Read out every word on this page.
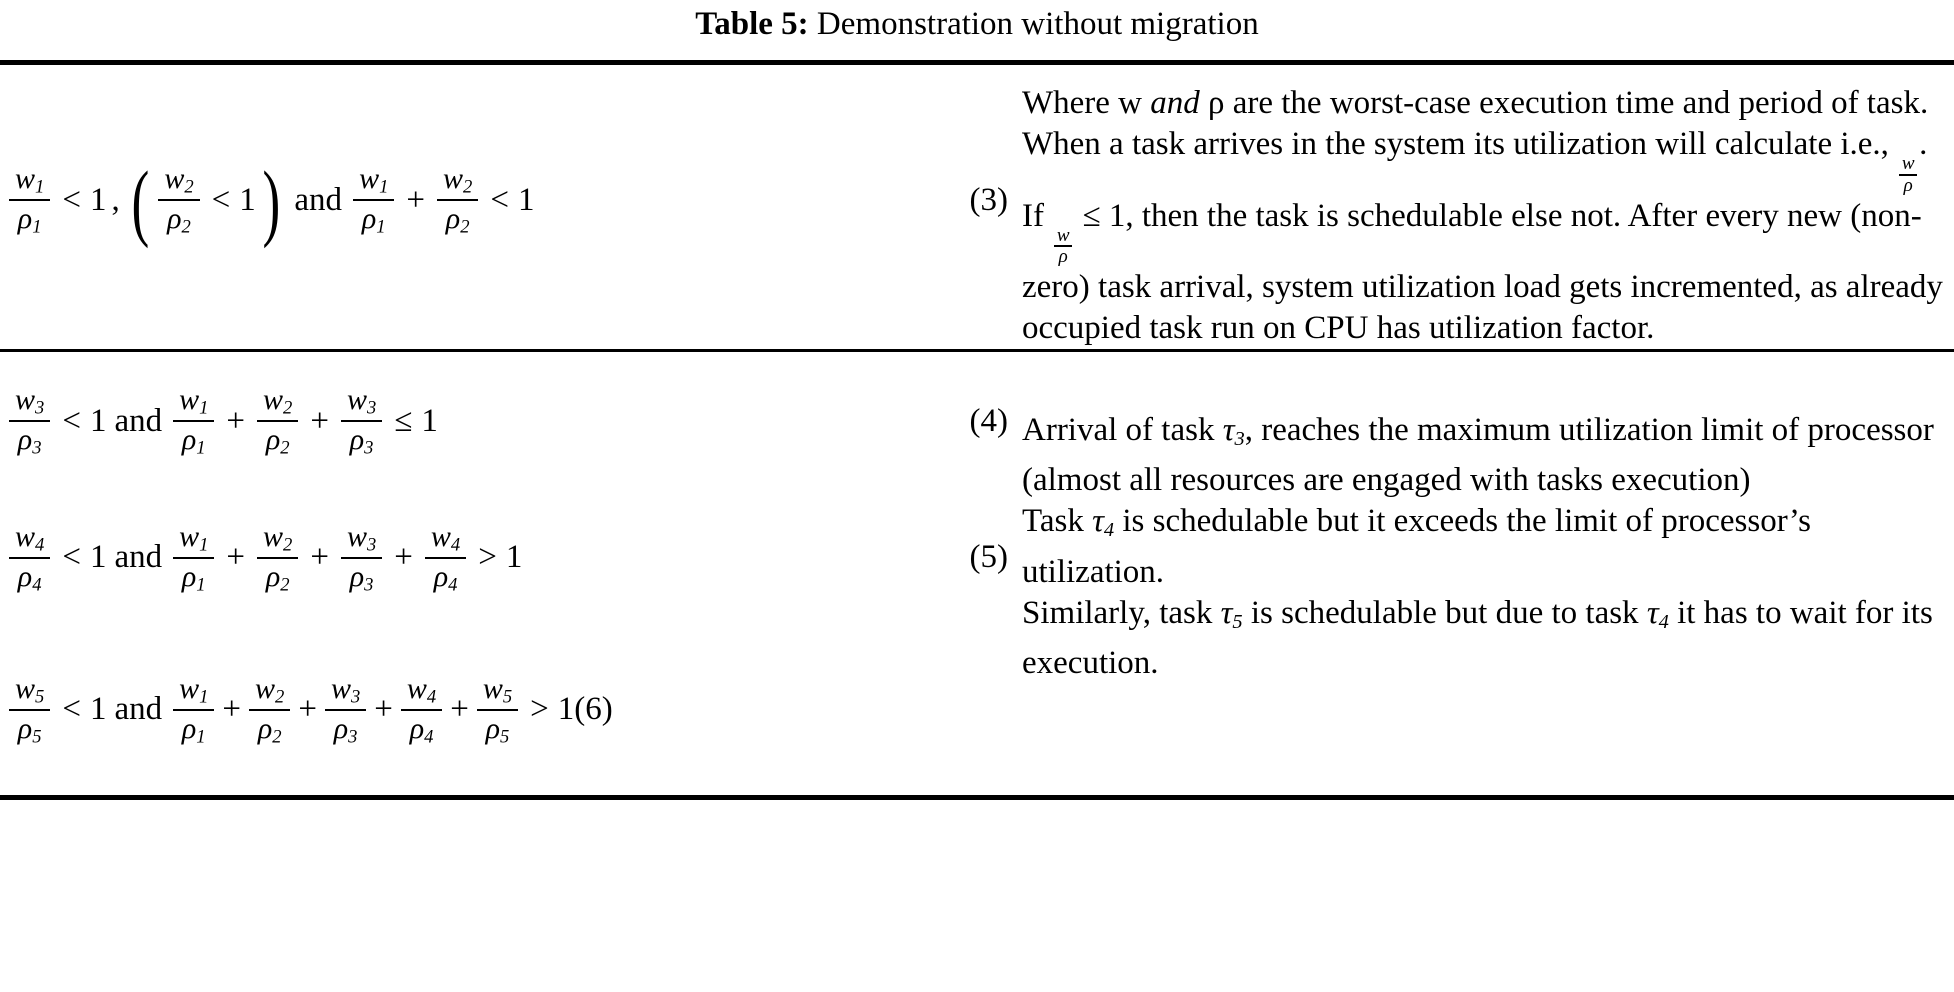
Table 5: Demonstration without migration
$\frac{w_1}{\rho_1} < 1$ , ( $\frac{w_2}{\rho_2} < 1$ ) and $\frac{w_1}{\rho_1} + \frac{w_2}{\rho_2} < 1$	(3)
Where w and ρ are the worst-case execution time and period of task. When a task arrives in the system its utilization will calculate i.e.,
$\frac{w}{\rho}$
. If
$\frac{w}{\rho}$
≤ 1, then the task is schedulable else not. After every new (non-zero) task arrival, system utilization load gets incremented, as already occupied task run on CPU has utilization factor.
$\frac{w_3}{\rho_3} < 1$ and $\frac{w_1}{\rho_1} + \frac{w_2}{\rho_2} + \frac{w_3}{\rho_3} \le 1$	(4)
$\frac{w_4}{\rho_4} < 1$ and $\frac{w_1}{\rho_1} + \frac{w_2}{\rho_2} + \frac{w_3}{\rho_3} + \frac{w_4}{\rho_4} > 1$	(5)
$\frac{w_5}{\rho_5} < 1$ and $\frac{w_1}{\rho_1} + \frac{w_2}{\rho_2} + \frac{w_3}{\rho_3} + \frac{w_4}{\rho_4} + \frac{w_5}{\rho_5} > 1$ (6)
Arrival of task $\tau_3$, reaches the maximum utilization limit of processor (almost all resources are engaged with tasks execution)
Task $\tau_4$ is schedulable but it exceeds the limit of processor’s utilization.
Similarly, task $\tau_5$ is schedulable but due to task $\tau_4$ it has to wait for its execution.
